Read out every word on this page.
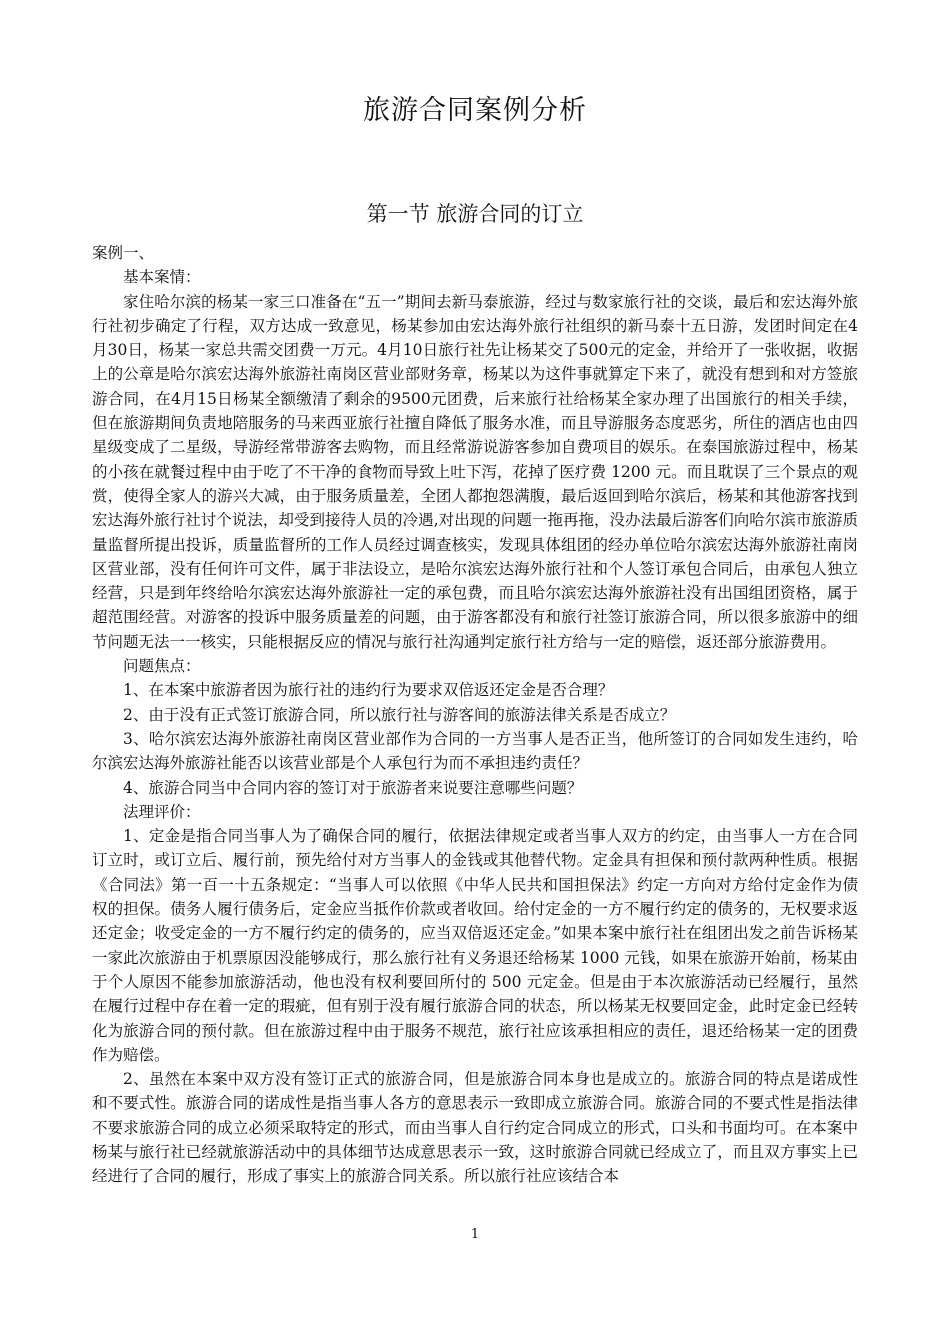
旅游合同案例分析
第一节 旅游合同的订立

案例一、

基本案情：

家住哈尔滨的杨某一家三口准备在“五一”期间去新马泰旅游，经过与数家旅行社的交谈，最后和宏达海外旅行社初步确定了行程，双方达成一致意见，杨某参加由宏达海外旅行社组织的新马泰十五日游，发团时间定在4月30日，杨某一家总共需交团费一万元。4月10日旅行社先让杨某交了500元的定金，并给开了一张收据，收据上的公章是哈尔滨宏达海外旅游社南岗区营业部财务章，杨某以为这件事就算定下来了，就没有想到和对方签旅游合同，在4月15日杨某全额缴清了剩余的9500元团费，后来旅行社给杨某全家办理了出国旅行的相关手续，但在旅游期间负责地陪服务的马来西亚旅行社擅自降低了服务水准，而且导游服务态度恶劣，所住的酒店也由四星级变成了二星级，导游经常带游客去购物，而且经常游说游客参加自费项目的娱乐。在泰国旅游过程中，杨某的小孩在就餐过程中由于吃了不干净的食物而导致上吐下泻，花掉了医疗费 1200 元。而且耽误了三个景点的观赏，使得全家人的游兴大减，由于服务质量差，全团人都抱怨满腹，最后返回到哈尔滨后，杨某和其他游客找到宏达海外旅行社讨个说法，却受到接待人员的冷遇,对出现的问题一拖再拖，没办法最后游客们向哈尔滨市旅游质量监督所提出投诉，质量监督所的工作人员经过调查核实，发现具体组团的经办单位哈尔滨宏达海外旅游社南岗区营业部，没有任何许可文件，属于非法设立，是哈尔滨宏达海外旅行社和个人签订承包合同后，由承包人独立经营，只是到年终给哈尔滨宏达海外旅游社一定的承包费，而且哈尔滨宏达海外旅游社没有出国组团资格，属于超范围经营。对游客的投诉中服务质量差的问题，由于游客都没有和旅行社签订旅游合同，所以很多旅游中的细节问题无法一一核实，只能根据反应的情况与旅行社沟通判定旅行社方给与一定的赔偿，返还部分旅游费用。

问题焦点：

1、在本案中旅游者因为旅行社的违约行为要求双倍返还定金是否合理？

2、由于没有正式签订旅游合同，所以旅行社与游客间的旅游法律关系是否成立？

3、哈尔滨宏达海外旅游社南岗区营业部作为合同的一方当事人是否正当，他所签订的合同如发生违约，哈尔滨宏达海外旅游社能否以该营业部是个人承包行为而不承担违约责任？

4、旅游合同当中合同内容的签订对于旅游者来说要注意哪些问题？

法理评价：

1、定金是指合同当事人为了确保合同的履行，依据法律规定或者当事人双方的约定，由当事人一方在合同订立时，或订立后、履行前，预先给付对方当事人的金钱或其他替代物。定金具有担保和预付款两种性质。根据《合同法》第一百一十五条规定：“当事人可以依照《中华人民共和国担保法》约定一方向对方给付定金作为债权的担保。债务人履行债务后，定金应当抵作价款或者收回。给付定金的一方不履行约定的债务的，无权要求返还定金；收受定金的一方不履行约定的债务的，应当双倍返还定金。”如果本案中旅行社在组团出发之前告诉杨某一家此次旅游由于机票原因没能够成行，那么旅行社有义务退还给杨某 1000 元钱，如果在旅游开始前，杨某由于个人原因不能参加旅游活动，他也没有权利要回所付的 500 元定金。但是由于本次旅游活动已经履行，虽然在履行过程中存在着一定的瑕疵，但有别于没有履行旅游合同的状态，所以杨某无权要回定金，此时定金已经转化为旅游合同的预付款。但在旅游过程中由于服务不规范，旅行社应该承担相应的责任，退还给杨某一定的团费作为赔偿。

2、虽然在本案中双方没有签订正式的旅游合同，但是旅游合同本身也是成立的。旅游合同的特点是诺成性和不要式性。旅游合同的诺成性是指当事人各方的意思表示一致即成立旅游合同。旅游合同的不要式性是指法律不要求旅游合同的成立必须采取特定的形式，而由当事人自行约定合同成立的形式，口头和书面均可。在本案中杨某与旅行社已经就旅游活动中的具体细节达成意思表示一致，这时旅游合同就已经成立了，而且双方事实上已经进行了合同的履行，形成了事实上的旅游合同关系。所以旅行社应该结合本

1
